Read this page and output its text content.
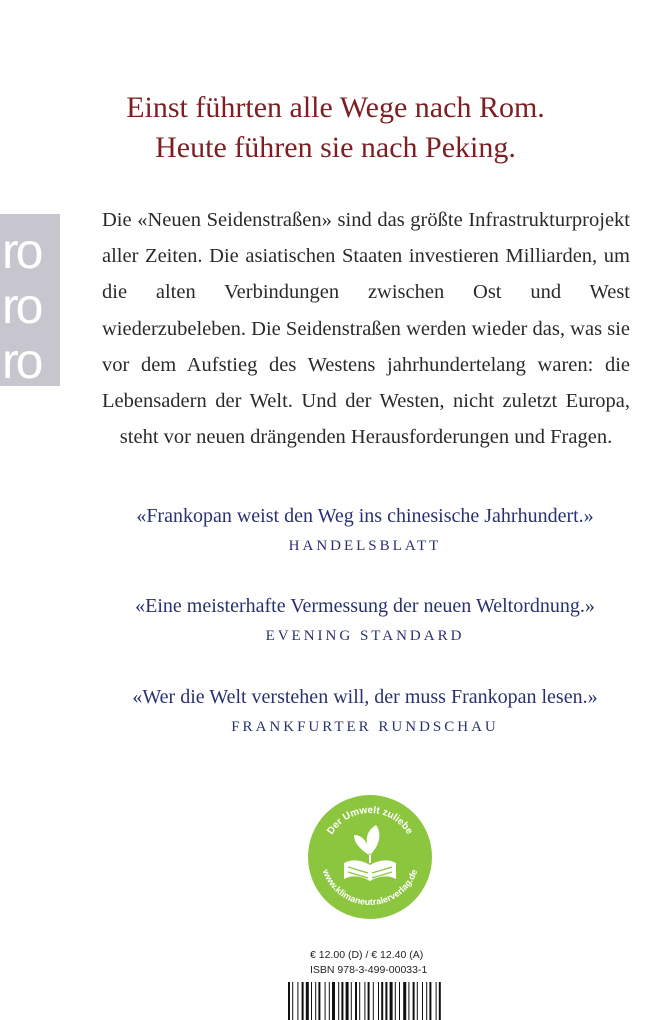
ro
ro
ro
Einst führten alle Wege nach Rom.
Heute führen sie nach Peking.
Die «Neuen Seidenstraßen» sind das größte Infrastrukturprojekt aller Zeiten. Die asiatischen Staaten investieren Milliarden, um die alten Verbindungen zwischen Ost und West wiederzubeleben. Die Seidenstraßen werden wieder das, was sie vor dem Aufstieg des Westens jahrhundertelang waren: die Lebensadern der Welt. Und der Westen, nicht zuletzt Europa, steht vor neuen drängenden Herausforderungen und Fragen.
«Frankopan weist den Weg ins chinesische Jahrhundert.»
HANDELSBLATT
«Eine meisterhafte Vermessung der neuen Weltordnung.»
EVENING STANDARD
«Wer die Welt verstehen will, der muss Frankopan lesen.»
FRANKFURTER RUNDSCHAU
Der Umwelt zuliebe
www.klimaneutralerverlag.de
€ 12.00 (D) / € 12.40 (A)
ISBN 978-3-499-00033-1
